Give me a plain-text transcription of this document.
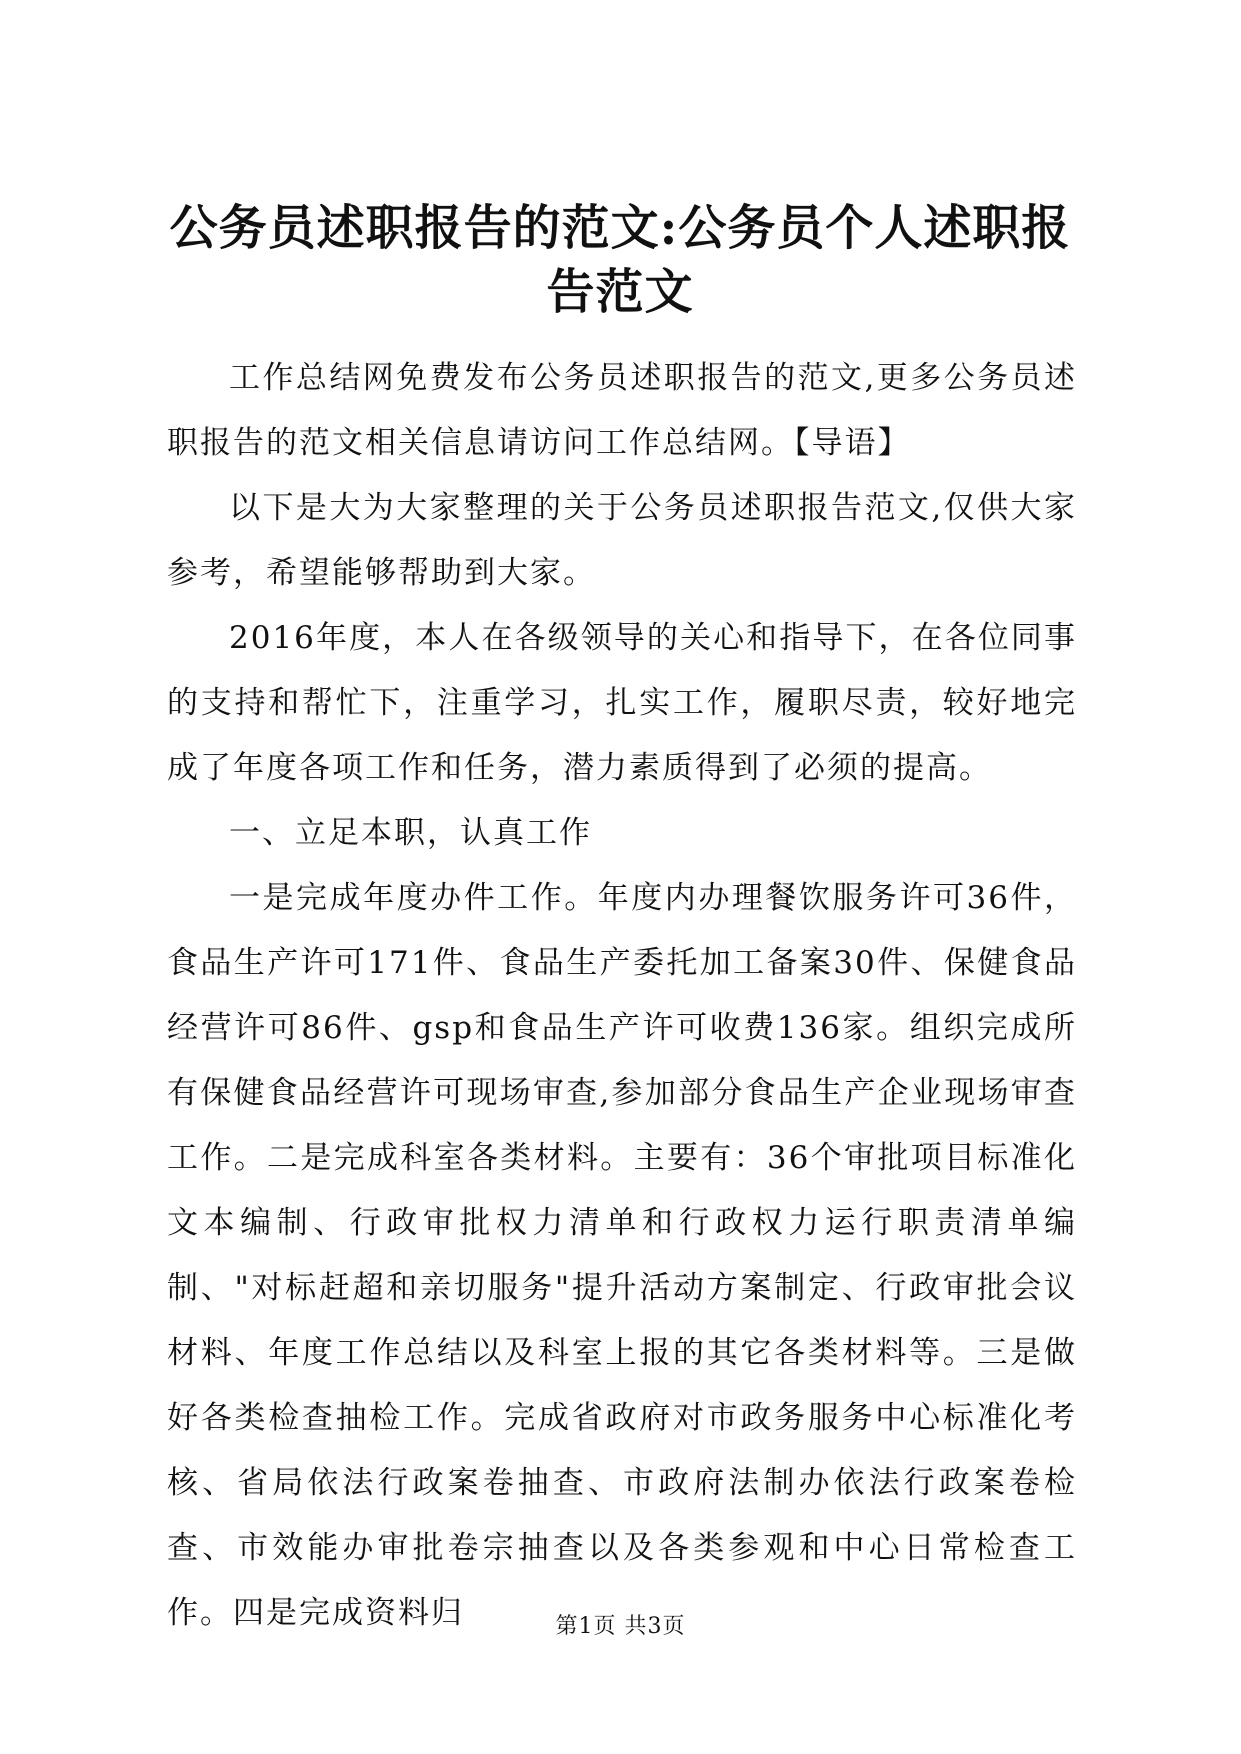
公务员述职报告的范文:公务员个人述职报告范文

工作总结网免费发布公务员述职报告的范文,更多公务员述职报告的范文相关信息请访问工作总结网。【导语】

以下是大为大家整理的关于公务员述职报告范文,仅供大家参考，希望能够帮助到大家。

2016年度，本人在各级领导的关心和指导下，在各位同事的支持和帮忙下，注重学习，扎实工作，履职尽责，较好地完成了年度各项工作和任务，潜力素质得到了必须的提高。

一、立足本职，认真工作

一是完成年度办件工作。年度内办理餐饮服务许可36件，食品生产许可171件、食品生产委托加工备案30件、保健食品经营许可86件、gsp和食品生产许可收费136家。组织完成所有保健食品经营许可现场审查,参加部分食品生产企业现场审查工作。二是完成科室各类材料。主要有：36个审批项目标准化文本编制、行政审批权力清单和行政权力运行职责清单编制、"对标赶超和亲切服务"提升活动方案制定、行政审批会议材料、年度工作总结以及科室上报的其它各类材料等。三是做好各类检查抽检工作。完成省政府对市政务服务中心标准化考核、省局依法行政案卷抽查、市政府法制办依法行政案卷检查、市效能办审批卷宗抽查以及各类参观和中心日常检查工作。四是完成资料归	第1页 共3页
